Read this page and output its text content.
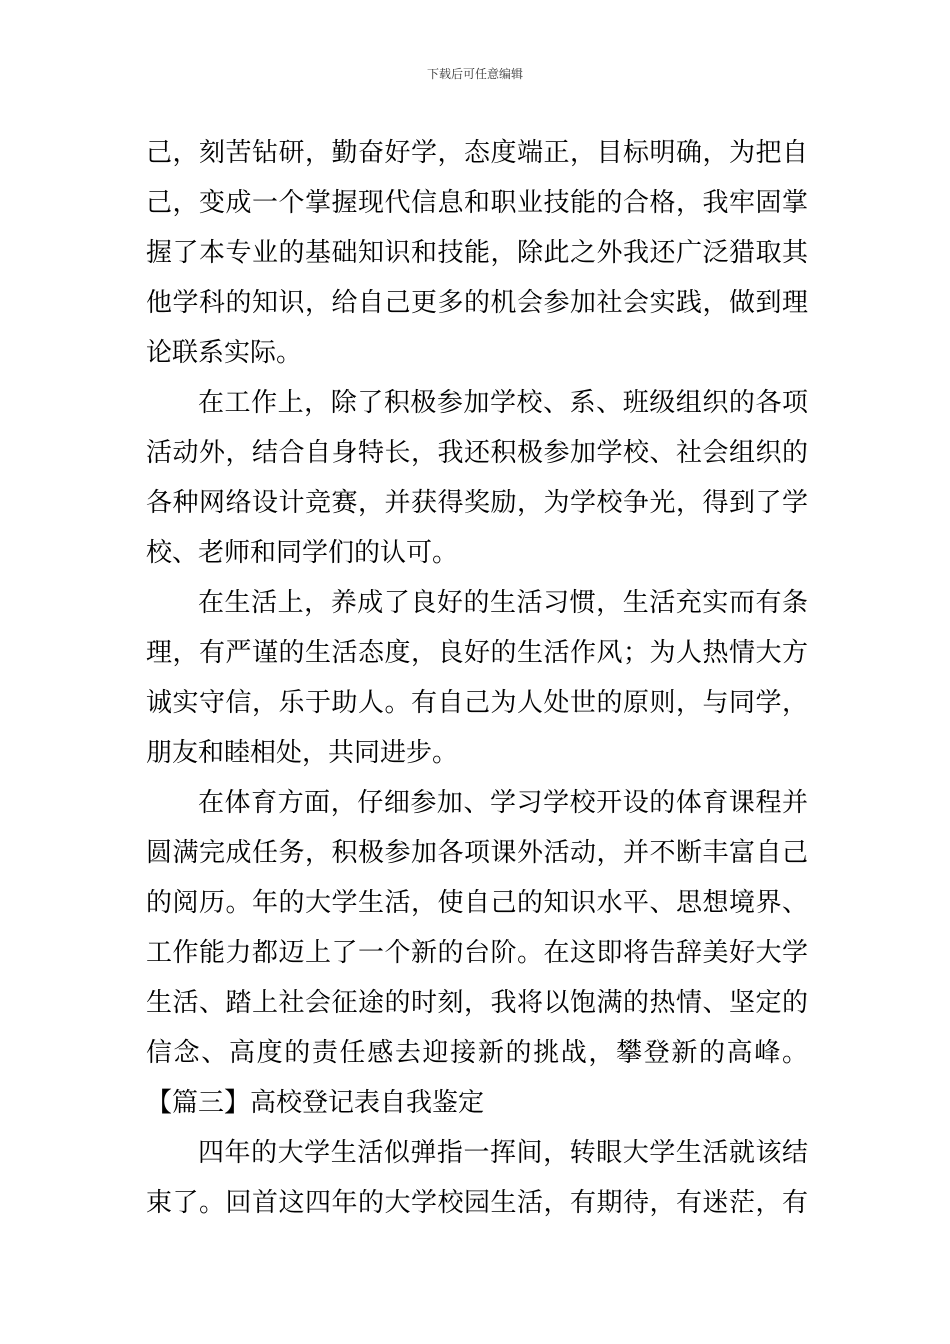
下载后可任意编辑

己，刻苦钻研，勤奋好学，态度端正，目标明确，为把自
己，变成一个掌握现代信息和职业技能的合格，我牢固掌
握了本专业的基础知识和技能，除此之外我还广泛猎取其
他学科的知识，给自己更多的机会参加社会实践，做到理
论联系实际。

在工作上，除了积极参加学校、系、班级组织的各项
活动外，结合自身特长，我还积极参加学校、社会组织的
各种网络设计竞赛，并获得奖励，为学校争光，得到了学
校、老师和同学们的认可。

在生活上，养成了良好的生活习惯，生活充实而有条
理，有严谨的生活态度，良好的生活作风；为人热情大方
诚实守信，乐于助人。有自己为人处世的原则，与同学，
朋友和睦相处，共同进步。

在体育方面，仔细参加、学习学校开设的体育课程并
圆满完成任务，积极参加各项课外活动，并不断丰富自己
的阅历。年的大学生活，使自己的知识水平、思想境界、
工作能力都迈上了一个新的台阶。在这即将告辞美好大学
生活、踏上社会征途的时刻，我将以饱满的热情、坚定的
信念、高度的责任感去迎接新的挑战，攀登新的高峰。

【篇三】高校登记表自我鉴定

四年的大学生活似弹指一挥间，转眼大学生活就该结
束了。回首这四年的大学校园生活，有期待，有迷茫，有
